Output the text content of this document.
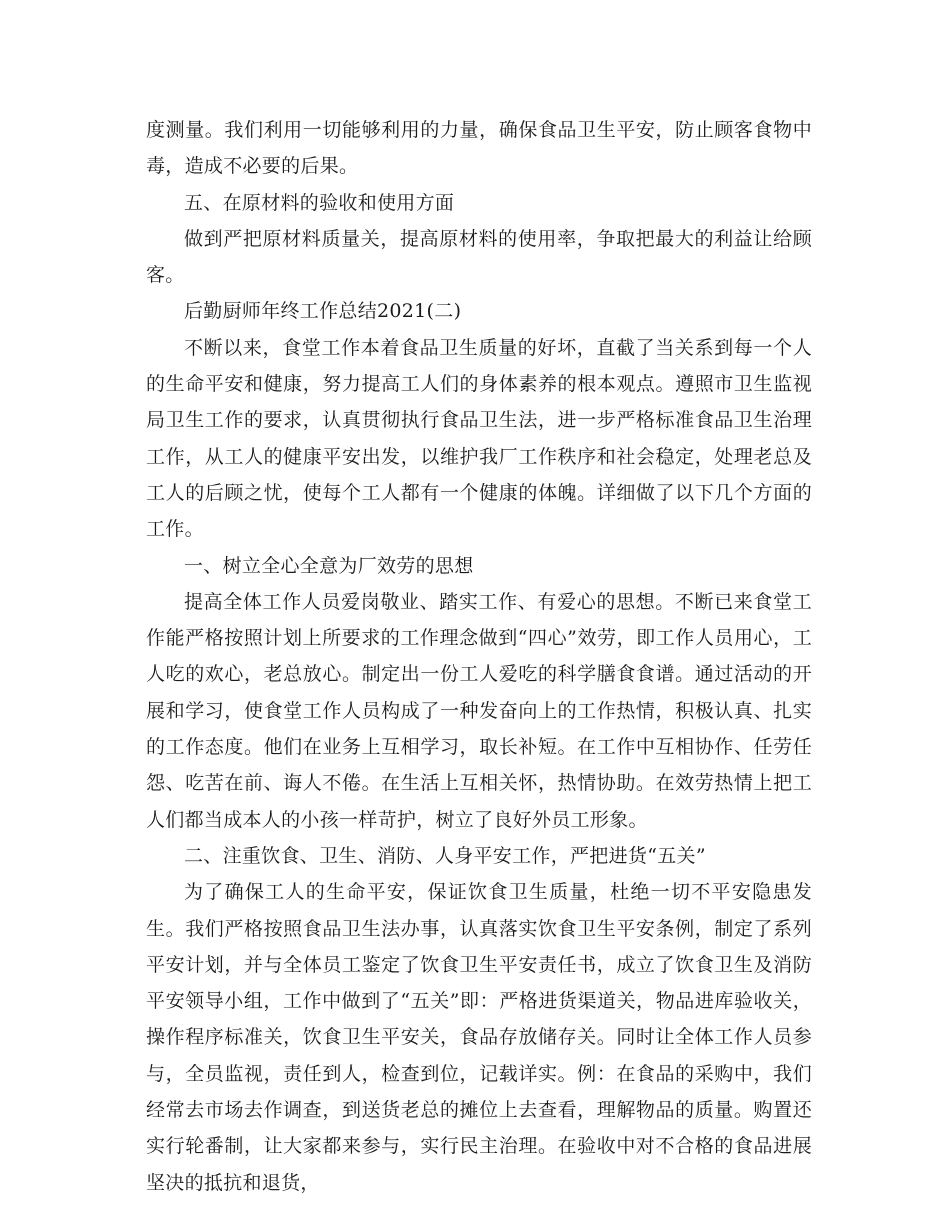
度测量。我们利用一切能够利用的力量，确保食品卫生平安，防止顾客食物中毒，造成不必要的后果。

五、在原材料的验收和使用方面

做到严把原材料质量关，提高原材料的使用率，争取把最大的利益让给顾客。

后勤厨师年终工作总结2021(二)

不断以来，食堂工作本着食品卫生质量的好坏，直截了当关系到每一个人的生命平安和健康，努力提高工人们的身体素养的根本观点。遵照市卫生监视局卫生工作的要求，认真贯彻执行食品卫生法，进一步严格标准食品卫生治理工作，从工人的健康平安出发，以维护我厂工作秩序和社会稳定，处理老总及工人的后顾之忧，使每个工人都有一个健康的体魄。详细做了以下几个方面的工作。

一、树立全心全意为厂效劳的思想

提高全体工作人员爱岗敬业、踏实工作、有爱心的思想。不断已来食堂工作能严格按照计划上所要求的工作理念做到“四心”效劳，即工作人员用心，工人吃的欢心，老总放心。制定出一份工人爱吃的科学膳食食谱。通过活动的开展和学习，使食堂工作人员构成了一种发奋向上的工作热情，积极认真、扎实的工作态度。他们在业务上互相学习，取长补短。在工作中互相协作、任劳任怨、吃苦在前、诲人不倦。在生活上互相关怀，热情协助。在效劳热情上把工人们都当成本人的小孩一样苛护，树立了良好外员工形象。

二、注重饮食、卫生、消防、人身平安工作，严把进货“五关”

为了确保工人的生命平安，保证饮食卫生质量，杜绝一切不平安隐患发生。我们严格按照食品卫生法办事，认真落实饮食卫生平安条例，制定了系列平安计划，并与全体员工鉴定了饮食卫生平安责任书，成立了饮食卫生及消防平安领导小组，工作中做到了“五关”即：严格进货渠道关，物品进库验收关，操作程序标准关，饮食卫生平安关，食品存放储存关。同时让全体工作人员参与，全员监视，责任到人，检查到位，记载详实。例：在食品的采购中，我们经常去市场去作调查，到送货老总的摊位上去查看，理解物品的质量。购置还实行轮番制，让大家都来参与，实行民主治理。在验收中对不合格的食品进展坚决的抵抗和退货，
